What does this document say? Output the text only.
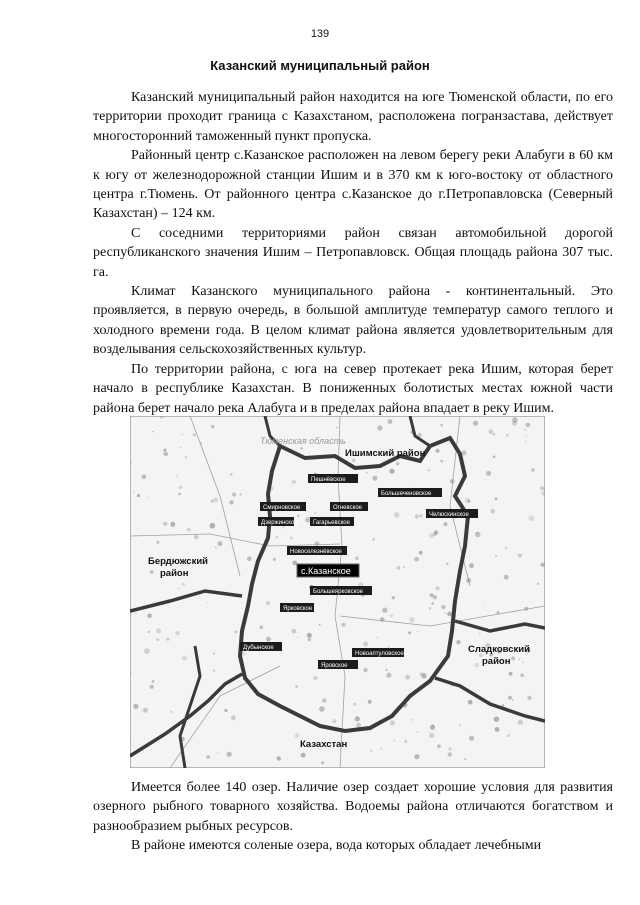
139
Казанский муниципальный район

Казанский муниципальный район находится на юге Тюменской области, по его территории проходит граница с Казахстаном, расположена погранзастава, действует многосторонний таможенный пункт пропуска.

Районный центр с.Казанское расположен на левом берегу реки Алабуги в 60 км к югу от железнодорожной станции Ишим и в 370 км к юго-востоку от областного центра г.Тюмень. От районного центра с.Казанское до г.Петропавловска (Северный Казахстан) – 124 км.

С соседними территориями район связан автомобильной дорогой республиканского значения Ишим – Петропавловск. Общая площадь района 307 тыс. га.

Климат Казанского муниципального района - континентальный. Это проявляется, в первую очередь, в большой амплитуде температур самого теплого и холодного времени года. В целом климат района является удовлетворительным для возделывания сельскохозяйственных культур.

По территории района, с юга на север протекает река Ишим, которая берет начало в республике Казахстан. В пониженных болотистых местах южной части района берет начало река Алабуга и в пределах района впадает в реку Ишим.

Тюменская область
Ишимский район
Бердюжский
район
Сладковский
район
Казахстан
Пешнёвское
Большеченовское
Смирновское	Огневское
Челюскинское
Дзержинское	Гагарьевское
Новоселезнёвское
Большеярковское
Ярковское
Дубынское
Новоаптуловское
Яровское
с.Казанское

Имеется более 140 озер. Наличие озер создает хорошие условия для развития озерного рыбного товарного хозяйства. Водоемы района отличаются богатством и разнообразием рыбных ресурсов.

В районе имеются соленые озера, вода которых обладает лечебными
